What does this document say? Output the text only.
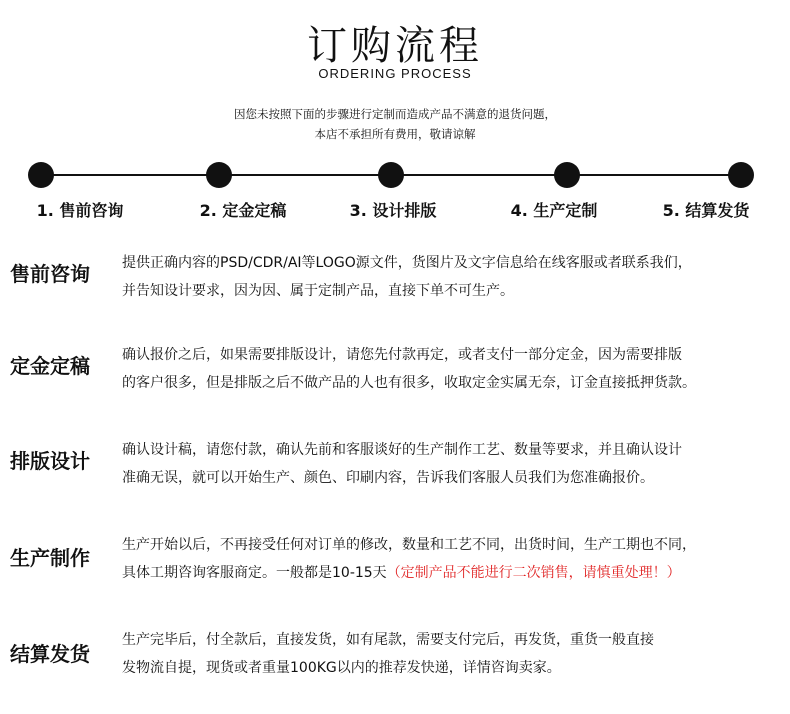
订购流程
ORDERING PROCESS
因您未按照下面的步骤进行定制而造成产品不满意的退货问题，
本店不承担所有费用，敬请谅解
1. 售前咨询	2. 定金定稿	3. 设计排版	4. 生产定制	5. 结算发货
售前咨询 提供正确内容的PSD/CDR/AI等LOGO源文件，货图片及文字信息给在线客服或者联系我们，
并告知设计要求，因为因、属于定制产品，直接下单不可生产。
定金定稿 确认报价之后，如果需要排版设计，请您先付款再定，或者支付一部分定金，因为需要排版
的客户很多，但是排版之后不做产品的人也有很多，收取定金实属无奈，订金直接抵押货款。
排版设计 确认设计稿，请您付款，确认先前和客服谈好的生产制作工艺、数量等要求，并且确认设计
准确无误，就可以开始生产、颜色、印刷内容，告诉我们客服人员我们为您准确报价。
生产制作
生产开始以后，不再接受任何对订单的修改，数量和工艺不同，出货时间，生产工期也不同，
具体工期咨询客服商定。一般都是10-15天（定制产品不能进行二次销售，请慎重处理！）
结算发货
生产完毕后，付全款后，直接发货，如有尾款，需要支付完后，再发货，重货一般直接
发物流自提，现货或者重量100KG以内的推荐发快递，详情咨询卖家。
